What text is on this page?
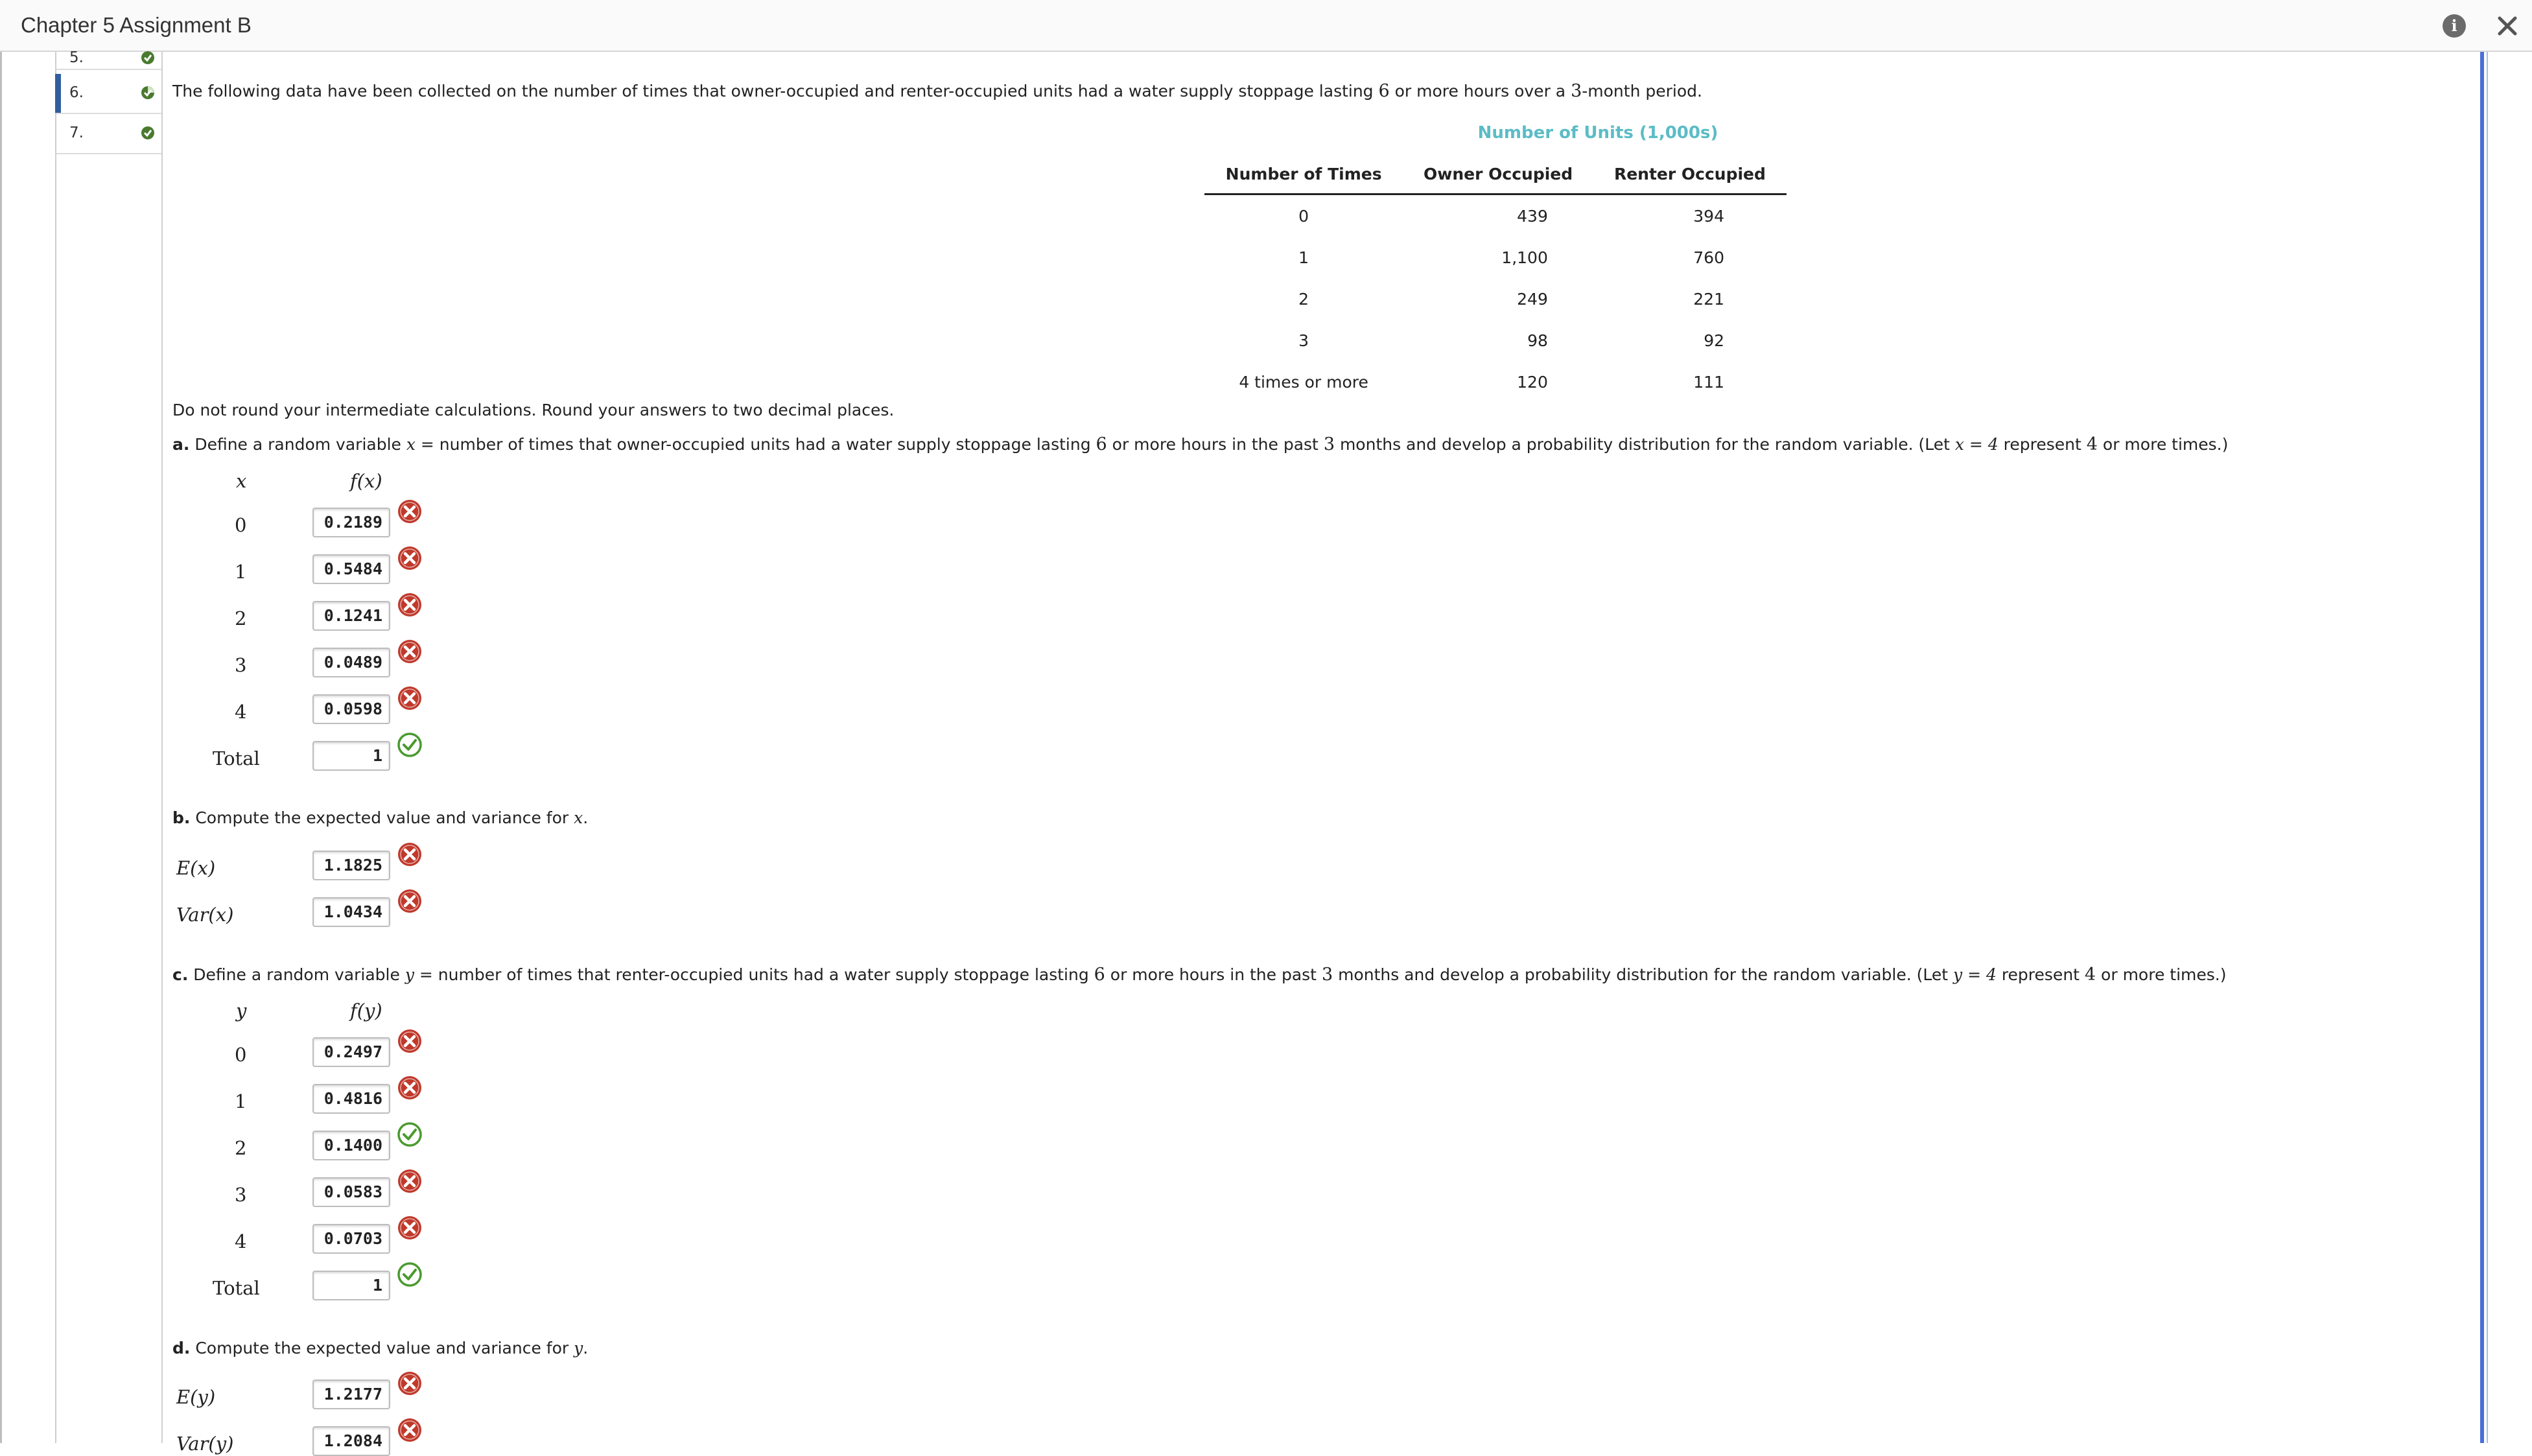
Chapter 5 Assignment B	i
5.
6.
7.
The following data have been collected on the number of times that owner-occupied and renter-occupied units had a water supply stoppage lasting 6 or more hours over a 3-month period.
Number of Units (1,000s)
Number of Times	Owner Occupied	Renter Occupied
0	439	394
1	1,100	760
2	249	221
3	98	92
4 times or more	120	111
Do not round your intermediate calculations. Round your answers to two decimal places.
a. Define a random variable x = number of times that owner-occupied units had a water supply stoppage lasting 6 or more hours in the past 3 months and develop a probability distribution for the random variable. (Let x = 4 represent 4 or more times.)
x	f(x)
0	0.2189
1	0.5484
2	0.1241
3	0.0489
4	0.0598
Total	1
b. Compute the expected value and variance for x.
E(x)	1.1825
Var(x)	1.0434
c. Define a random variable y = number of times that renter-occupied units had a water supply stoppage lasting 6 or more hours in the past 3 months and develop a probability distribution for the random variable. (Let y = 4 represent 4 or more times.)
y	f(y)
0	0.2497
1	0.4816
2	0.1400
3	0.0583
4	0.0703
Total	1
d. Compute the expected value and variance for y.
E(y)	1.2177
Var(y)	1.2084
